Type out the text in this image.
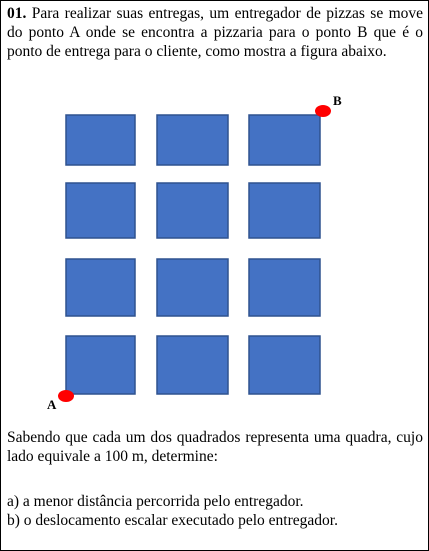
01. Para realizar suas entregas, um entregador de pizzas se move do ponto A onde se encontra a pizzaria para o ponto B que é o ponto de entrega para o cliente, como mostra a figura abaixo.
B
A
Sabendo que cada um dos quadrados representa uma quadra, cujo lado equivale a 100 m, determine:
a) a menor distância percorrida pelo entregador.
b) o deslocamento escalar executado pelo entregador.
